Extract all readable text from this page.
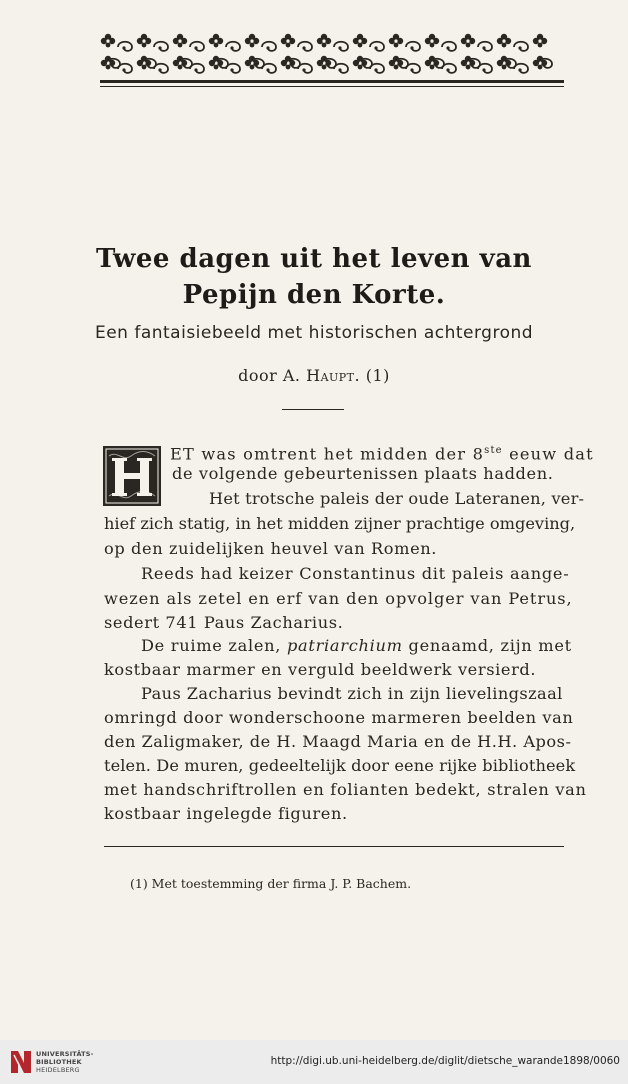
Twee dagen uit het leven van
Pepijn den Korte.
Een fantaisiebeeld met historischen achtergrond
door A. Haupt. (1)
ET was omtrent het midden der 8ste eeuw dat
de volgende gebeurtenissen plaats hadden.
Het trotsche paleis der oude Lateranen, ver-
hief zich statig, in het midden zijner prachtige omgeving,
op den zuidelijken heuvel van Romen.
Reeds had keizer Constantinus dit paleis aange-
wezen als zetel en erf van den opvolger van Petrus,
sedert 741 Paus Zacharius.
De ruime zalen, patriarchium genaamd, zijn met
kostbaar marmer en verguld beeldwerk versierd.
Paus Zacharius bevindt zich in zijn lievelingszaal
omringd door wonderschoone marmeren beelden van
den Zaligmaker, de H. Maagd Maria en de H.H. Apos-
telen. De muren, gedeeltelijk door eene rijke bibliotheek
met handschriftrollen en folianten bedekt, stralen van
kostbaar ingelegde figuren.
(1) Met toestemming der firma J. P. Bachem.
UNIVERSITÄTS-
BIBLIOTHEK
HEIDELBERG
http://digi.ub.uni-heidelberg.de/diglit/dietsche_warande1898/0060
